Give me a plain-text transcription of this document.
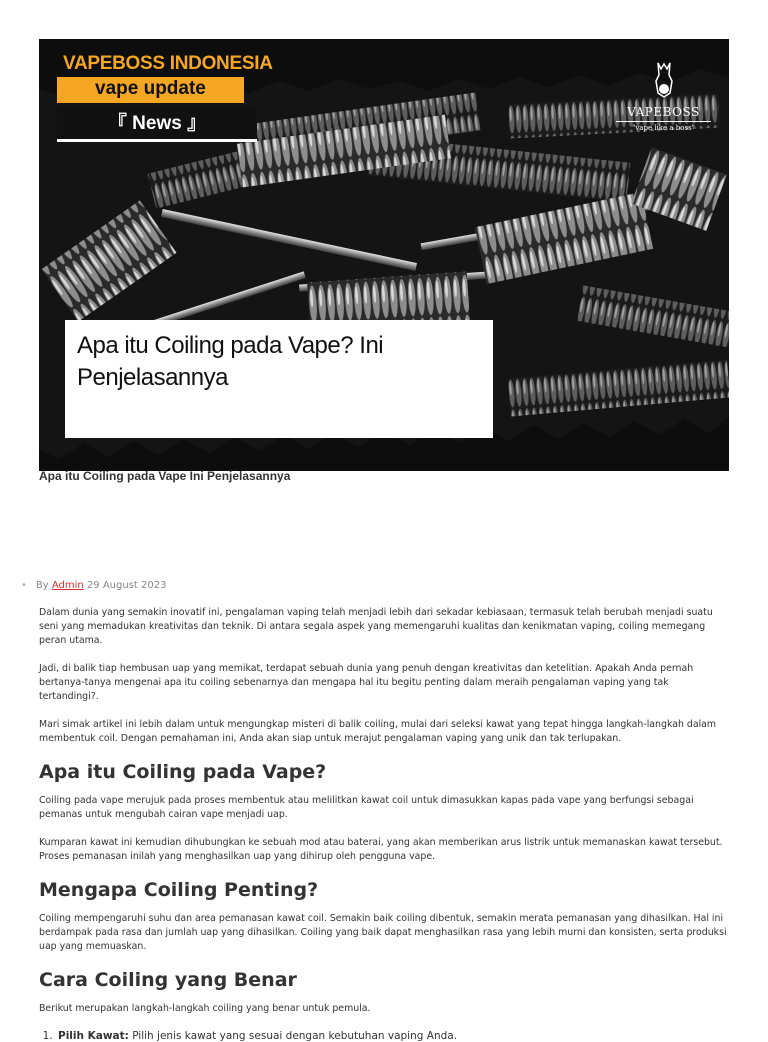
VAPEBOSS INDONESIA
vape update
『 News 』
VAPEBOSS
"vape like a boss"
Apa itu Coiling pada Vape? Ini Penjelasannya
Apa itu Coiling pada Vape Ini Penjelasannya
• By Admin 29 August 2023

Dalam dunia yang semakin inovatif ini, pengalaman vaping telah menjadi lebih dari sekadar kebiasaan, termasuk telah berubah menjadi suatu seni yang memadukan kreativitas dan teknik. Di antara segala aspek yang memengaruhi kualitas dan kenikmatan vaping, coiling memegang peran utama.

Jadi, di balik tiap hembusan uap yang memikat, terdapat sebuah dunia yang penuh dengan kreativitas dan ketelitian. Apakah Anda pernah bertanya-tanya mengenai apa itu coiling sebenarnya dan mengapa hal itu begitu penting dalam meraih pengalaman vaping yang tak tertandingi?.

Mari simak artikel ini lebih dalam untuk mengungkap misteri di balik coiling, mulai dari seleksi kawat yang tepat hingga langkah-langkah dalam membentuk coil. Dengan pemahaman ini, Anda akan siap untuk merajut pengalaman vaping yang unik dan tak terlupakan.

Apa itu Coiling pada Vape?

Coiling pada vape merujuk pada proses membentuk atau melilitkan kawat coil untuk dimasukkan kapas pada vape yang berfungsi sebagai pemanas untuk mengubah cairan vape menjadi uap.

Kumparan kawat ini kemudian dihubungkan ke sebuah mod atau baterai, yang akan memberikan arus listrik untuk memanaskan kawat tersebut. Proses pemanasan inilah yang menghasilkan uap yang dihirup oleh pengguna vape.

Mengapa Coiling Penting?

Coiling mempengaruhi suhu dan area pemanasan kawat coil. Semakin baik coiling dibentuk, semakin merata pemanasan yang dihasilkan. Hal ini berdampak pada rasa dan jumlah uap yang dihasilkan. Coiling yang baik dapat menghasilkan rasa yang lebih murni dan konsisten, serta produksi uap yang memuaskan.

Cara Coiling yang Benar

Berikut merupakan langkah-langkah coiling yang benar untuk pemula.

1. Pilih Kawat: Pilih jenis kawat yang sesuai dengan kebutuhan vaping Anda.
